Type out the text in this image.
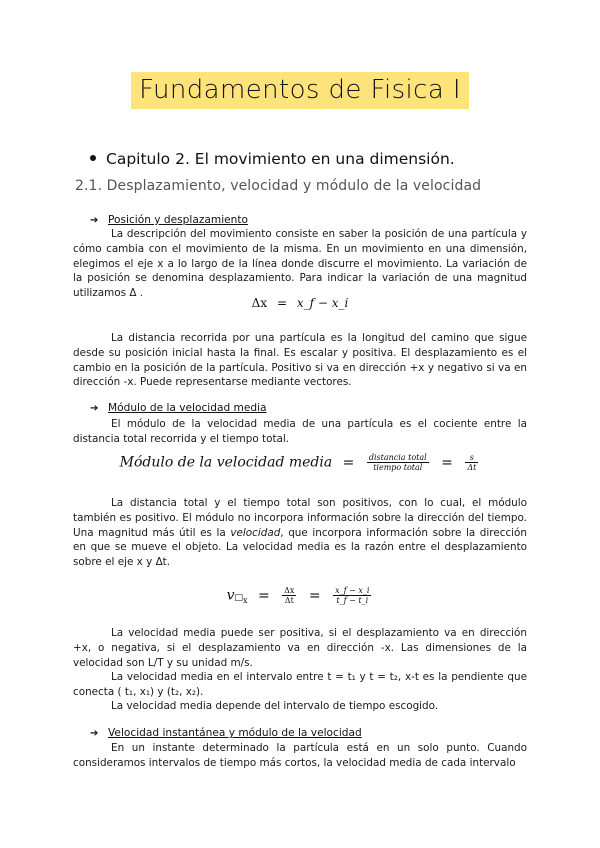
Fundamentos de Fisica I
Capitulo 2. El movimiento en una dimensión.
2.1. Desplazamiento, velocidad y módulo de la velocidad
➔ Posición y desplazamiento
La descripción del movimiento consiste en saber la posición de una partícula y cómo cambia con el movimiento de la misma. En un movimiento en una dimensión, elegimos el eje x a lo largo de la línea donde discurre el movimiento. La variación de la posición se denomina desplazamiento. Para indicar la variación de una magnitud utilizamos Δ .
Δx = x_f − x_i
La distancia recorrida por una partícula es la longitud del camino que sigue desde su posición inicial hasta la final. Es escalar y positiva. El desplazamiento es el cambio en la posición de la partícula. Positivo si va en dirección +x y negativo si va en dirección -x. Puede representarse mediante vectores.
➔ Módulo de la velocidad media
El módulo de la velocidad media de una partícula es el cociente entre la distancia total recorrida y el tiempo total.
Módulo de la velocidad media = $\frac{\text{distancia total}}{\text{tiempo total}} = \frac{s}{\Delta t}$
La distancia total y el tiempo total son positivos, con lo cual, el módulo también es positivo. El módulo no incorpora información sobre la dirección del tiempo. Una magnitud más útil es la velocidad, que incorpora información sobre la dirección en que se mueve el objeto. La velocidad media es la razón entre el desplazamiento sobre el eje x y Δt.
v□x = $\frac{\Delta x}{\Delta t} = \frac{x\_f - x\_i}{t\_f - t\_i}$
La velocidad media puede ser positiva, si el desplazamiento va en dirección +x, o negativa, si el desplazamiento va en dirección -x. Las dimensiones de la velocidad son L/T y su unidad m/s.
La velocidad media en el intervalo entre t = t₁ y t = t₂, x-t es la pendiente que conecta ( t₁, x₁) y (t₂, x₂).
La velocidad media depende del intervalo de tiempo escogido.
➔ Velocidad instantánea y módulo de la velocidad
En un instante determinado la partícula está en un solo punto. Cuando consideramos intervalos de tiempo más cortos, la velocidad media de cada intervalo
